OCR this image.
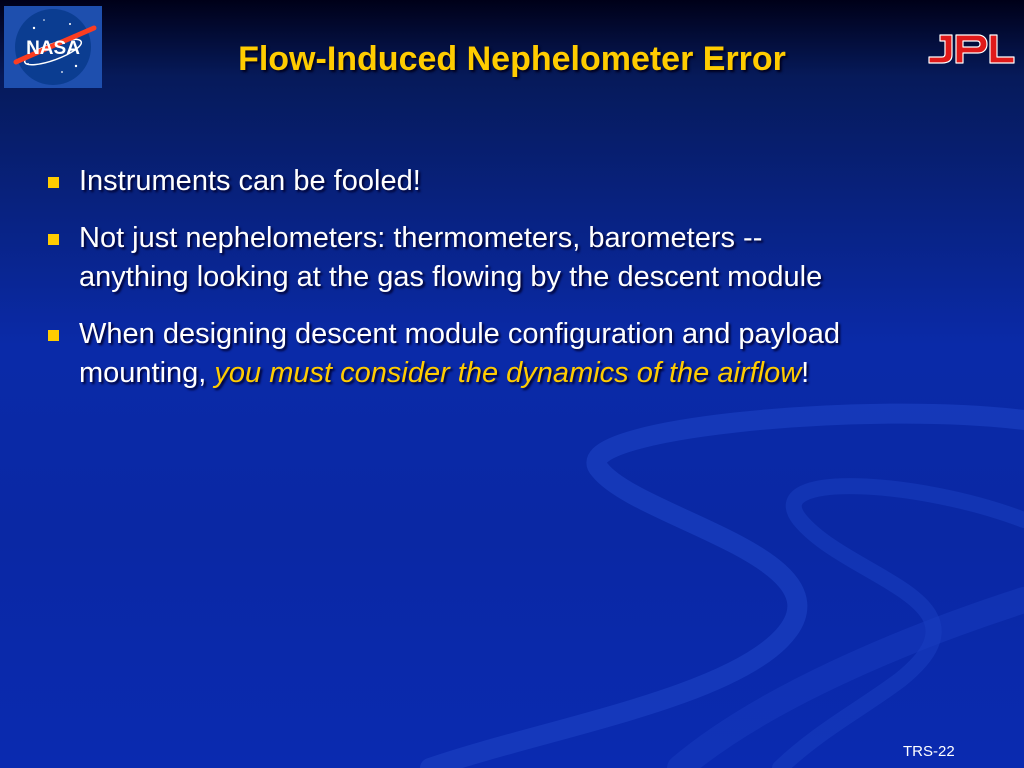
NASA	Flow-Induced Nephelometer Error
Instruments can be fooled!
Not just nephelometers: thermometers, barometers --
anything looking at the gas flowing by the descent module
When designing descent module configuration and payload
mounting, you must consider the dynamics of the airflow!
TRS-22
